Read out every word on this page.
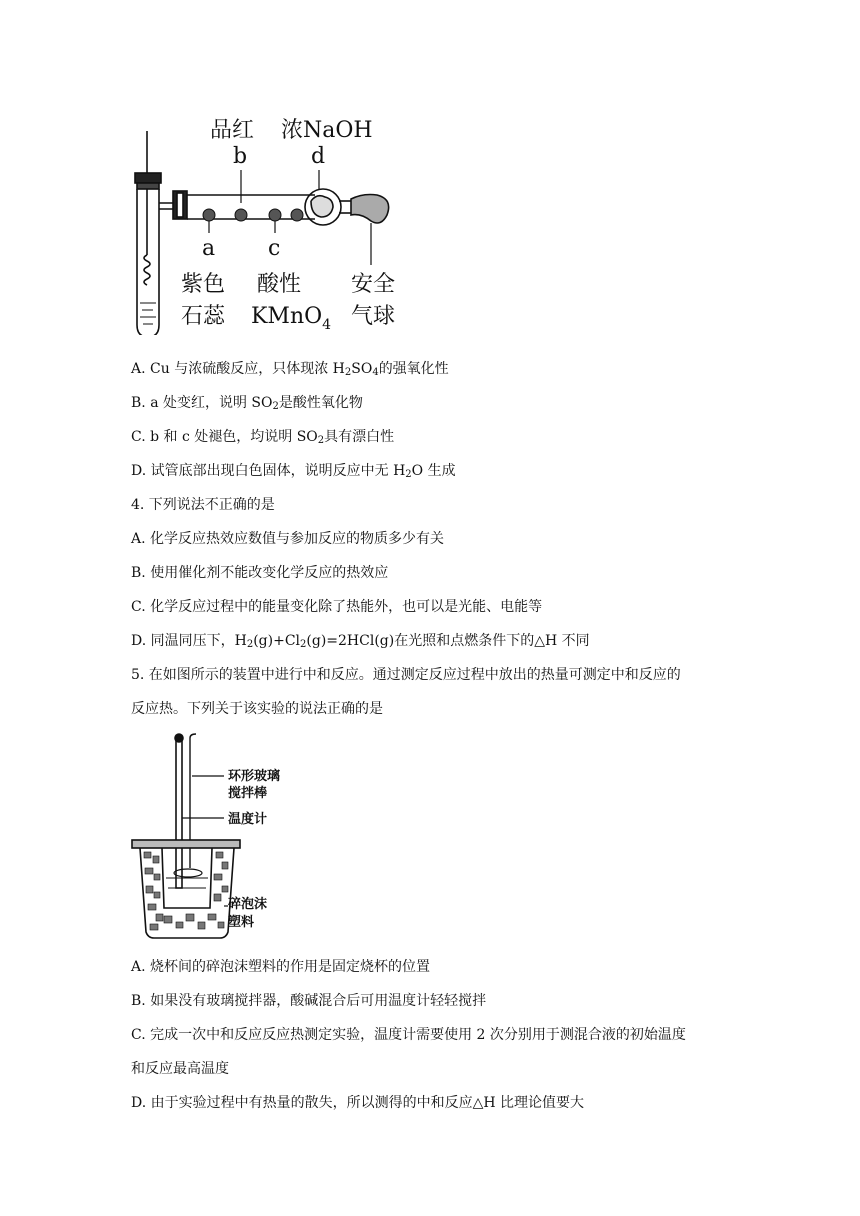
品红 浓NaOH
b	d
a c
紫色
石蕊
酸性
KMnO$_4$
安全
气球
A. Cu 与浓硫酸反应，只体现浓 $H_2SO_4$的强氧化性
B. a 处变红，说明 $SO_2$是酸性氧化物
C. b 和 c 处褪色，均说明 $SO_2$具有漂白性
D. 试管底部出现白色固体，说明反应中无 $H_2O$ 生成
4. 下列说法不正确的是
A. 化学反应热效应数值与参加反应的物质多少有关
B. 使用催化剂不能改变化学反应的热效应
C. 化学反应过程中的能量变化除了热能外，也可以是光能、电能等
D. 同温同压下，$H_2(g)+Cl_2(g)=2HCl(g)$在光照和点燃条件下的△H 不同
5. 在如图所示的装置中进行中和反应。通过测定反应过程中放出的热量可测定中和反应的
反应热。下列关于该实验的说法正确的是
环形玻璃
搅拌棒
温度计
碎泡沫
塑料
A. 烧杯间的碎泡沫塑料的作用是固定烧杯的位置
B. 如果没有玻璃搅拌器，酸碱混合后可用温度计轻轻搅拌
C. 完成一次中和反应反应热测定实验，温度计需要使用 2 次分别用于测混合液的初始温度
和反应最高温度
D. 由于实验过程中有热量的散失，所以测得的中和反应△H 比理论值要大
